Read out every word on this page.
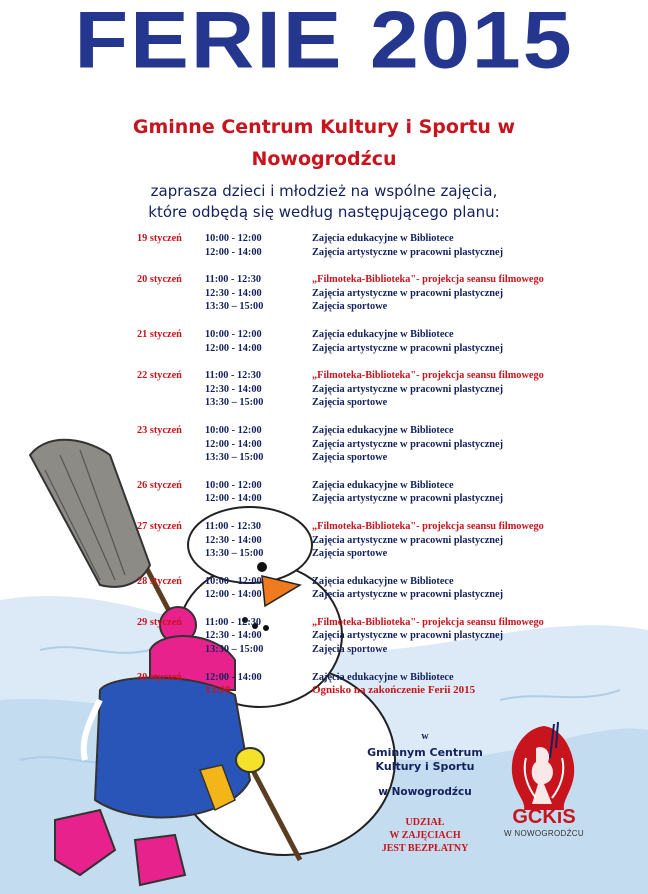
FERIE 2015
Gminne Centrum Kultury i Sportu w
Nowogrodźcu
zaprasza dzieci i młodzież na wspólne zajęcia,
które odbędą się według następującego planu:
19 styczeń 10:00 - 12:00	Zajęcia edukacyjne w Bibliotece
12:00 - 14:00	Zajęcia artystyczne w pracowni plastycznej
20 styczeń 11:00 - 12:30	„Filmoteka-Biblioteka"- projekcja seansu filmowego
12:30 - 14:00	Zajęcia artystyczne w pracowni plastycznej
13:30 – 15:00	Zajęcia sportowe
21 styczeń 10:00 - 12:00	Zajęcia edukacyjne w Bibliotece
12:00 - 14:00	Zajęcia artystyczne w pracowni plastycznej
22 styczeń 11:00 - 12:30	„Filmoteka-Biblioteka"- projekcja seansu filmowego
12:30 - 14:00	Zajęcia artystyczne w pracowni plastycznej
13:30 – 15:00	Zajęcia sportowe
23 styczeń 10:00 - 12:00	Zajęcia edukacyjne w Bibliotece
12:00 - 14:00	Zajęcia artystyczne w pracowni plastycznej
13:30 – 15:00	Zajęcia sportowe
26 styczeń 10:00 - 12:00	Zajęcia edukacyjne w Bibliotece
12:00 - 14:00	Zajęcia artystyczne w pracowni plastycznej
27 styczeń 11:00 - 12:30	„Filmoteka-Biblioteka"- projekcja seansu filmowego
12:30 - 14:00	Zajęcia artystyczne w pracowni plastycznej
13:30 – 15:00	Zajęcia sportowe
28 styczeń 10:00 - 12:00	Zajęcia edukacyjne w Bibliotece
12:00 - 14:00	Zajęcia artystyczne w pracowni plastycznej
29 styczeń 11:00 - 12:30	„Filmoteka-Biblioteka"- projekcja seansu filmowego
12:30 - 14:00	Zajęcia artystyczne w pracowni plastycznej
13:30 – 15:00	Zajęcia sportowe
30 styczeń 12:00 - 14:00	Zajęcia edukacyjne w Bibliotece
13:00	Ognisko na zakończenie Ferii 2015
w
Gminnym Centrum
Kultury i Sportu
w Nowogrodźcu
UDZIAŁ
W ZAJĘCIACH
JEST BEZPŁATNY
GCKiS
W NOWOGRODŹCU
